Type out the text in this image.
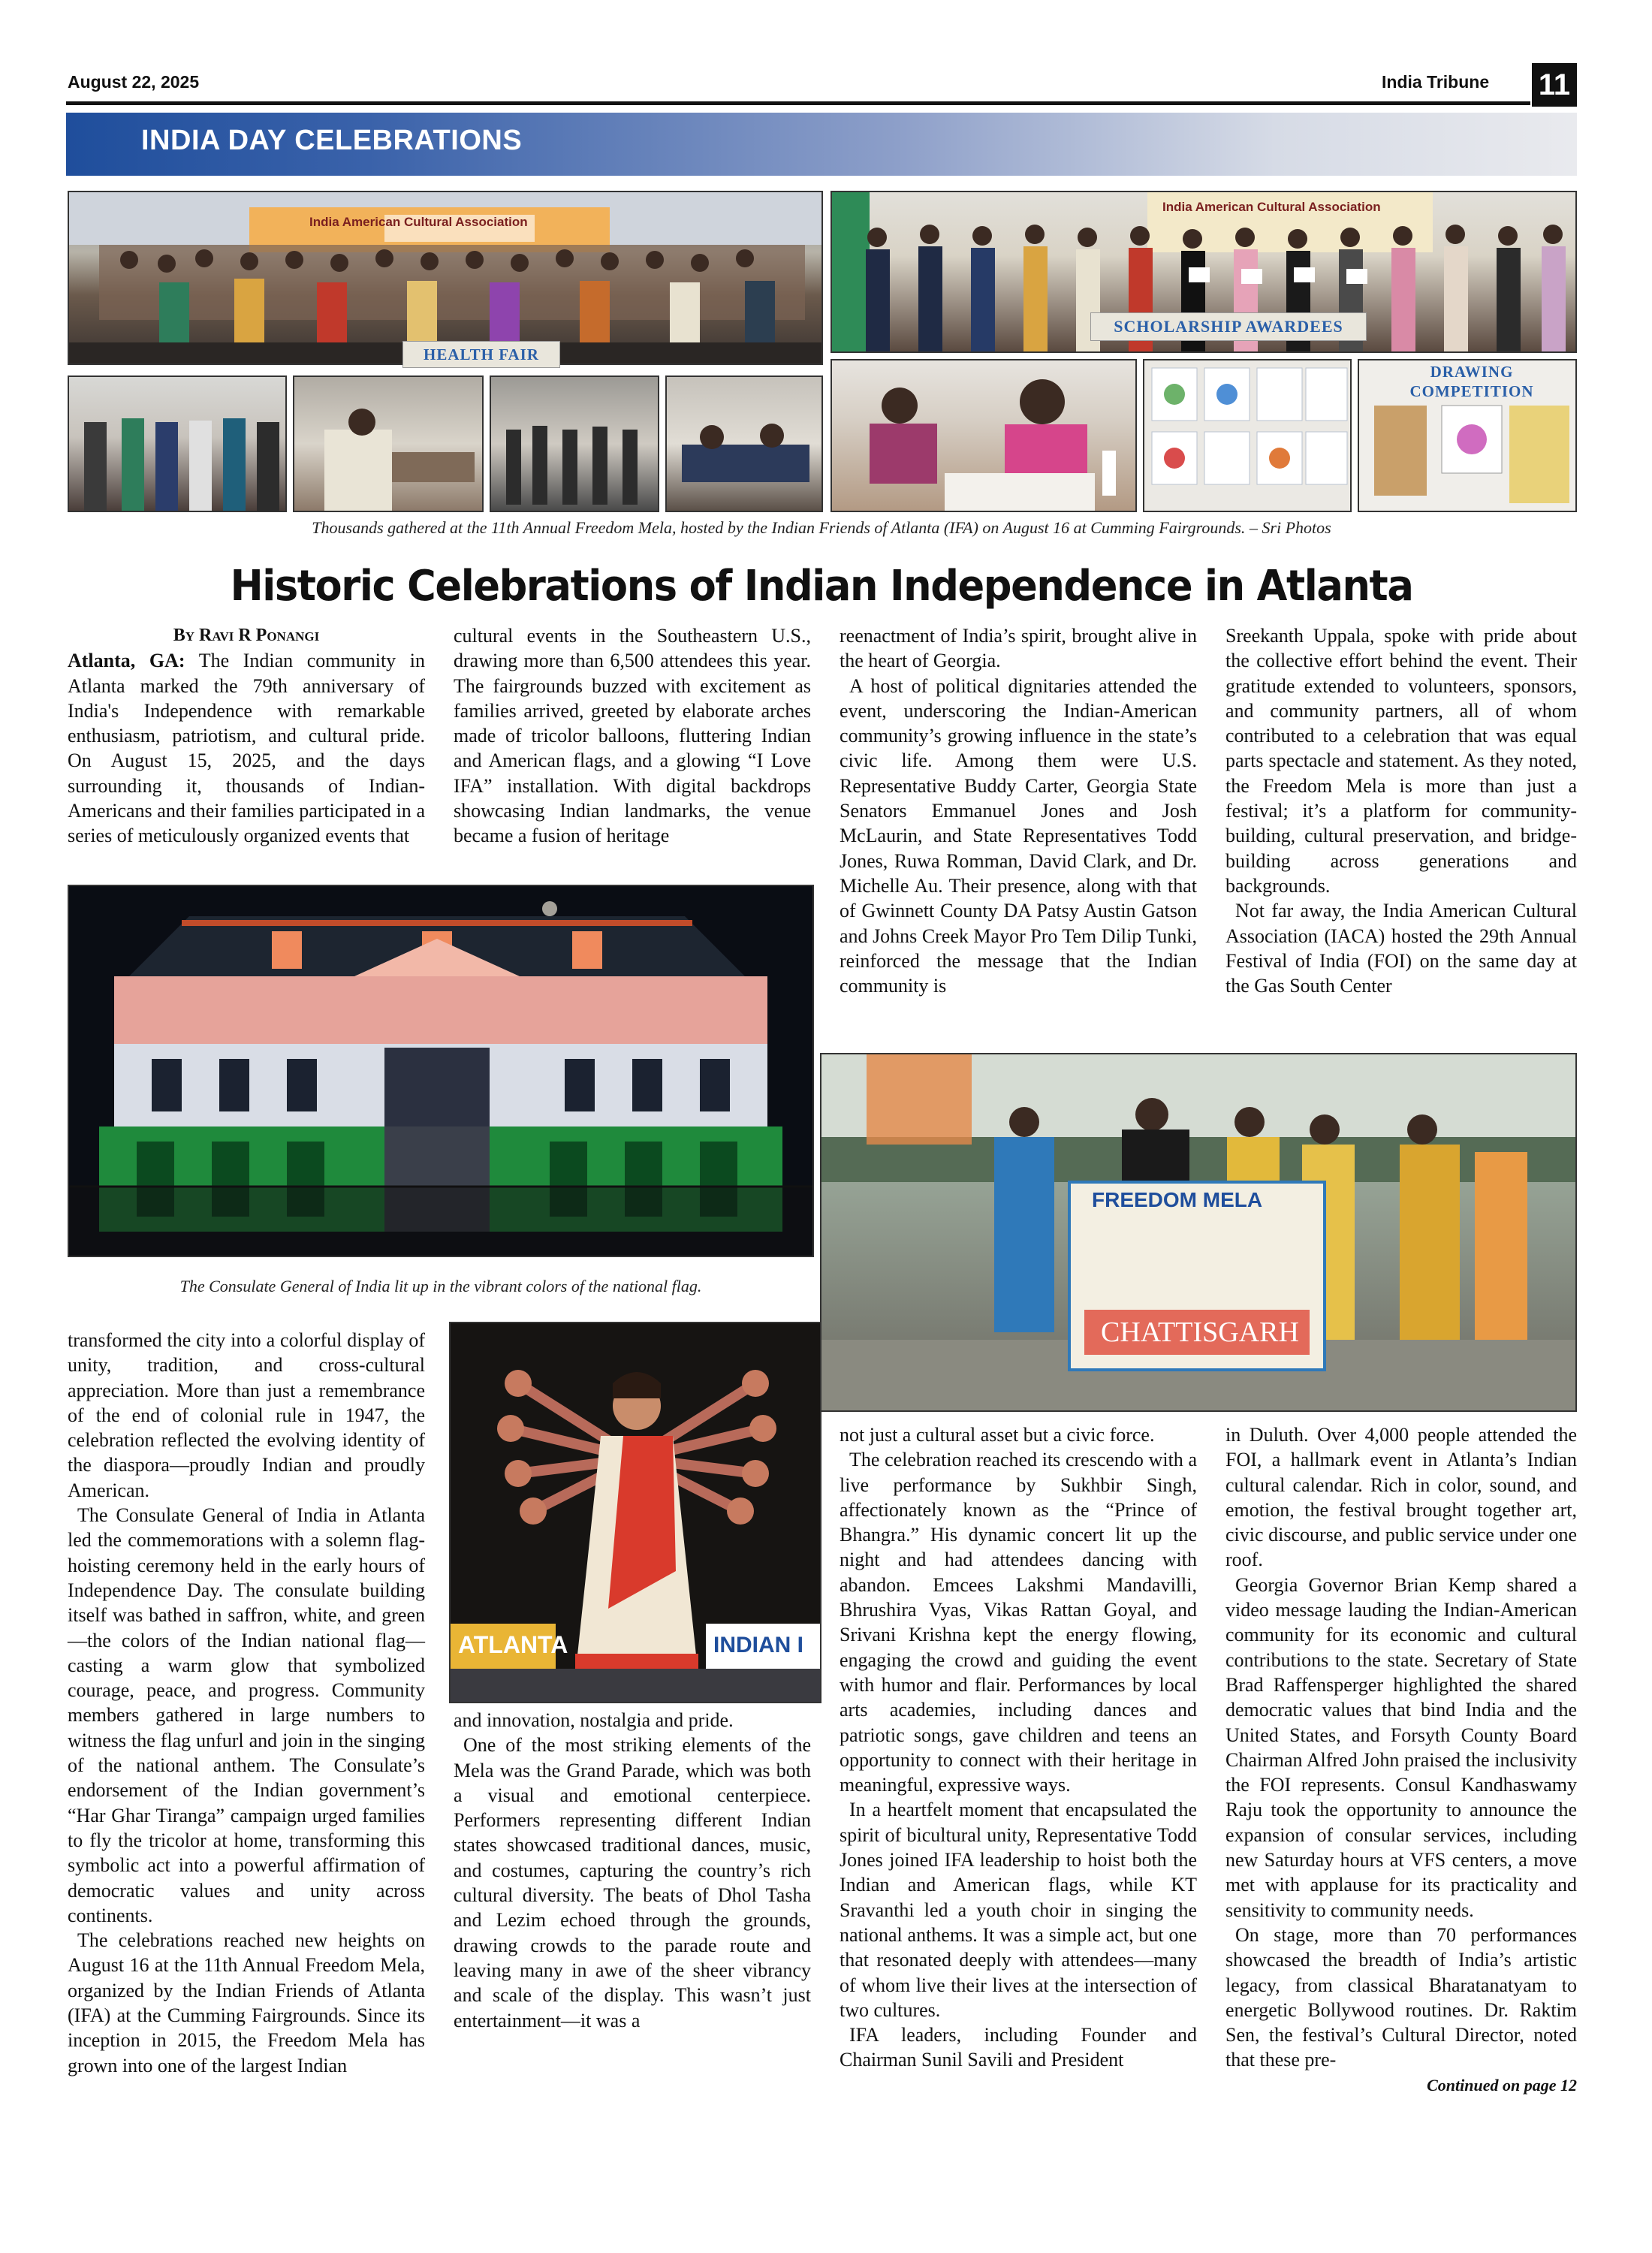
August 22, 2025	India Tribune 11
INDIA DAY CELEBRATIONS
India American Cultural Association
HEALTH FAIR
India American Cultural Association
SCHOLARSHIP AWARDEES
DRAWING COMPETITION
Thousands gathered at the 11th Annual Freedom Mela, hosted by the Indian Friends of Atlanta (IFA) on August 16 at Cumming Fairgrounds. – Sri Photos
Historic Celebrations of Indian Independence in Atlanta
By Ravi R Ponangi

Atlanta, GA: The Indian community in Atlanta marked the 79th anniversary of India's Independence with remarkable enthusiasm, patriotism, and cultural pride. On August 15, 2025, and the days surrounding it, thousands of Indian-Americans and their families participated in a series of meticulously organized events that

cultural events in the Southeastern U.S., drawing more than 6,500 attendees this year. The fairgrounds buzzed with excitement as families arrived, greeted by elaborate arches made of tricolor balloons, fluttering Indian and American flags, and a glowing “I Love IFA” installation. With digital backdrops showcasing Indian landmarks, the venue became a fusion of heritage

reenactment of India’s spirit, brought alive in the heart of Georgia.

A host of political dignitaries attended the event, underscoring the Indian-American community’s growing influence in the state’s civic life. Among them were U.S. Representative Buddy Carter, Georgia State Senators Emmanuel Jones and Josh McLaurin, and State Representatives Todd Jones, Ruwa Romman, David Clark, and Dr. Michelle Au. Their presence, along with that of Gwinnett County DA Patsy Austin Gatson and Johns Creek Mayor Pro Tem Dilip Tunki, reinforced the message that the Indian community is

Sreekanth Uppala, spoke with pride about the collective effort behind the event. Their gratitude extended to volunteers, sponsors, and community partners, all of whom contributed to a celebration that was equal parts spectacle and statement. As they noted, the Freedom Mela is more than just a festival; it’s a platform for community-building, cultural preservation, and bridge-building across generations and backgrounds.

Not far away, the India American Cultural Association (IACA) hosted the 29th Annual Festival of India (FOI) on the same day at the Gas South Center

The Consulate General of India lit up in the vibrant colors of the national flag.
FREEDOM MELA
CHATTISGARH
ATLANTA	INDIAN I

transformed the city into a colorful display of unity, tradition, and cross-cultural appreciation. More than just a remembrance of the end of colonial rule in 1947, the celebration reflected the evolving identity of the diaspora—proudly Indian and proudly American.

The Consulate General of India in Atlanta led the commemorations with a solemn flag-hoisting ceremony held in the early hours of Independence Day. The consulate building itself was bathed in saffron, white, and green—the colors of the Indian national flag—casting a warm glow that symbolized courage, peace, and progress. Community members gathered in large numbers to witness the flag unfurl and join in the singing of the national anthem. The Consulate’s endorsement of the Indian government’s “Har Ghar Tiranga” campaign urged families to fly the tricolor at home, transforming this symbolic act into a powerful affirmation of democratic values and unity across continents.

The celebrations reached new heights on August 16 at the 11th Annual Freedom Mela, organized by the Indian Friends of Atlanta (IFA) at the Cumming Fairgrounds. Since its inception in 2015, the Freedom Mela has grown into one of the largest Indian

and innovation, nostalgia and pride.

One of the most striking elements of the Mela was the Grand Parade, which was both a visual and emotional centerpiece. Performers representing different Indian states showcased traditional dances, music, and costumes, capturing the country’s rich cultural diversity. The beats of Dhol Tasha and Lezim echoed through the grounds, drawing crowds to the parade route and leaving many in awe of the sheer vibrancy and scale of the display. This wasn’t just entertainment—it was a

not just a cultural asset but a civic force.

The celebration reached its crescendo with a live performance by Sukhbir Singh, affectionately known as the “Prince of Bhangra.” His dynamic concert lit up the night and had attendees dancing with abandon. Emcees Lakshmi Mandavilli, Bhrushira Vyas, Vikas Rattan Goyal, and Srivani Krishna kept the energy flowing, engaging the crowd and guiding the event with humor and flair. Performances by local arts academies, including dances and patriotic songs, gave children and teens an opportunity to connect with their heritage in meaningful, expressive ways.

In a heartfelt moment that encapsulated the spirit of bicultural unity, Representative Todd Jones joined IFA leadership to hoist both the Indian and American flags, while KT Sravanthi led a youth choir in singing the national anthems. It was a simple act, but one that resonated deeply with attendees—many of whom live their lives at the intersection of two cultures.

IFA leaders, including Founder and Chairman Sunil Savili and President

in Duluth. Over 4,000 people attended the FOI, a hallmark event in Atlanta’s Indian cultural calendar. Rich in color, sound, and emotion, the festival brought together art, civic discourse, and public service under one roof.

Georgia Governor Brian Kemp shared a video message lauding the Indian-American community for its economic and cultural contributions to the state. Secretary of State Brad Raffensperger highlighted the shared democratic values that bind India and the United States, and Forsyth County Board Chairman Alfred John praised the inclusivity the FOI represents. Consul Kandhaswamy Raju took the opportunity to announce the expansion of consular services, including new Saturday hours at VFS centers, a move met with applause for its practicality and sensitivity to community needs.

On stage, more than 70 performances showcased the breadth of India’s artistic legacy, from classical Bharatanatyam to energetic Bollywood routines. Dr. Raktim Sen, the festival’s Cultural Director, noted that these pre-

Continued on page 12
